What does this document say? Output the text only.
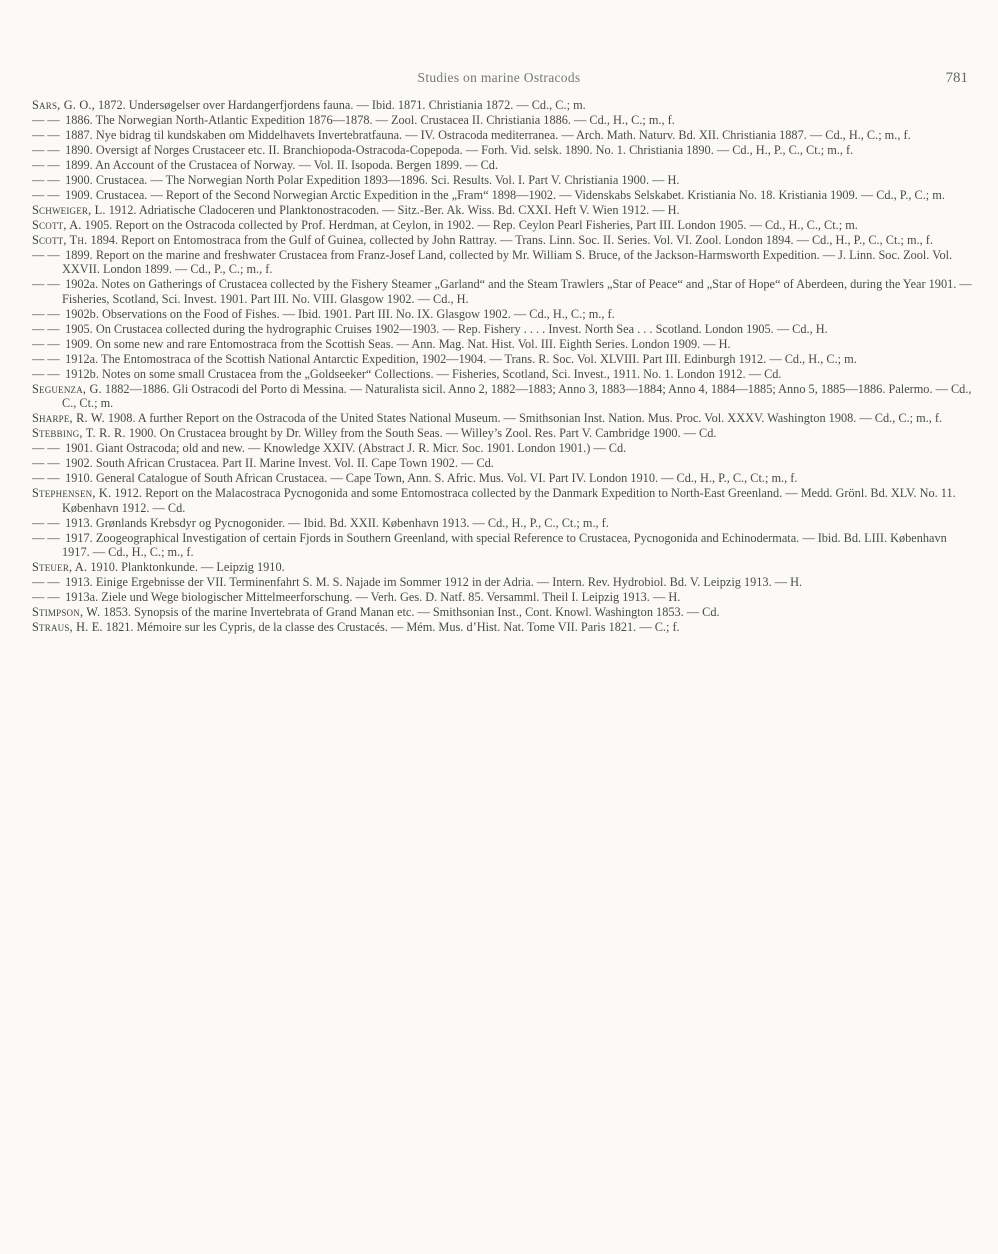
Studies on marine Ostracods	781

Sars, G. O., 1872. Undersøgelser over Hardangerfjordens fauna. — Ibid. 1871. Christiania 1872. — Cd., C.; m.

— — 1886. The Norwegian North-Atlantic Expedition 1876—1878. — Zool. Crustacea II. Christiania 1886. — Cd., H., C.; m., f.

— — 1887. Nye bidrag til kundskaben om Middelhavets Invertebratfauna. — IV. Ostracoda mediterranea. — Arch. Math. Naturv. Bd. XII. Christiania 1887. — Cd., H., C.; m., f.

— — 1890. Oversigt af Norges Crustaceer etc. II. Branchiopoda-Ostracoda-Copepoda. — Forh. Vid. selsk. 1890. No. 1. Christiania 1890. — Cd., H., P., C., Ct.; m., f.

— — 1899. An Account of the Crustacea of Norway. — Vol. II. Isopoda. Bergen 1899. — Cd.

— — 1900. Crustacea. — The Norwegian North Polar Expedition 1893—1896. Sci. Results. Vol. I. Part V. Christiania 1900. — H.

— — 1909. Crustacea. — Report of the Second Norwegian Arctic Expedition in the „Fram“ 1898—1902. — Videnskabs Selskabet. Kristiania No. 18. Kristiania 1909. — Cd., P., C.; m.

Schweiger, L. 1912. Adriatische Cladoceren und Planktonostracoden. — Sitz.-Ber. Ak. Wiss. Bd. CXXI. Heft V. Wien 1912. — H.

Scott, A. 1905. Report on the Ostracoda collected by Prof. Herdman, at Ceylon, in 1902. — Rep. Ceylon Pearl Fisheries, Part III. London 1905. — Cd., H., C., Ct.; m.

Scott, Th. 1894. Report on Entomostraca from the Gulf of Guinea, collected by John Rattray. — Trans. Linn. Soc. II. Series. Vol. VI. Zool. London 1894. — Cd., H., P., C., Ct.; m., f.

— — 1899. Report on the marine and freshwater Crustacea from Franz-Josef Land, collected by Mr. William S. Bruce, of the Jackson-Harmsworth Expedition. — J. Linn. Soc. Zool. Vol. XXVII. London 1899. — Cd., P., C.; m., f.

— — 1902a. Notes on Gatherings of Crustacea collected by the Fishery Steamer „Garland“ and the Steam Trawlers „Star of Peace“ and „Star of Hope“ of Aberdeen, during the Year 1901. — Fisheries, Scotland, Sci. Invest. 1901. Part III. No. VIII. Glasgow 1902. — Cd., H.

— — 1902b. Observations on the Food of Fishes. — Ibid. 1901. Part III. No. IX. Glasgow 1902. — Cd., H., C.; m., f.

— — 1905. On Crustacea collected during the hydrographic Cruises 1902—1903. — Rep. Fishery . . . . Invest. North Sea . . . Scotland. London 1905. — Cd., H.

— — 1909. On some new and rare Entomostraca from the Scottish Seas. — Ann. Mag. Nat. Hist. Vol. III. Eighth Series. London 1909. — H.

— — 1912a. The Entomostraca of the Scottish National Antarctic Expedition, 1902—1904. — Trans. R. Soc. Vol. XLVIII. Part III. Edinburgh 1912. — Cd., H., C.; m.

— — 1912b. Notes on some small Crustacea from the „Goldseeker“ Collections. — Fisheries, Scotland, Sci. Invest., 1911. No. 1. London 1912. — Cd.

Seguenza, G. 1882—1886. Gli Ostracodi del Porto di Messina. — Naturalista sicil. Anno 2, 1882—1883; Anno 3, 1883—1884; Anno 4, 1884—1885; Anno 5, 1885—1886. Palermo. — Cd., C., Ct.; m.

Sharpe, R. W. 1908. A further Report on the Ostracoda of the United States National Museum. — Smithsonian Inst. Nation. Mus. Proc. Vol. XXXV. Washington 1908. — Cd., C.; m., f.

Stebbing, T. R. R. 1900. On Crustacea brought by Dr. Willey from the South Seas. — Willey’s Zool. Res. Part V. Cambridge 1900. — Cd.

— — 1901. Giant Ostracoda; old and new. — Knowledge XXIV. (Abstract J. R. Micr. Soc. 1901. London 1901.) — Cd.

— — 1902. South African Crustacea. Part II. Marine Invest. Vol. II. Cape Town 1902. — Cd.

— — 1910. General Catalogue of South African Crustacea. — Cape Town, Ann. S. Afric. Mus. Vol. VI. Part IV. London 1910. — Cd., H., P., C., Ct.; m., f.

Stephensen, K. 1912. Report on the Malacostraca Pycnogonida and some Entomostraca collected by the Danmark Expedition to North-East Greenland. — Medd. Grönl. Bd. XLV. No. 11. København 1912. — Cd.

— — 1913. Grønlands Krebsdyr og Pycnogonider. — Ibid. Bd. XXII. København 1913. — Cd., H., P., C., Ct.; m., f.

— — 1917. Zoogeographical Investigation of certain Fjords in Southern Greenland, with special Reference to Crustacea, Pycnogonida and Echinodermata. — Ibid. Bd. LIII. København 1917. — Cd., H., C.; m., f.

Steuer, A. 1910. Planktonkunde. — Leipzig 1910.

— — 1913. Einige Ergebnisse der VII. Terminenfahrt S. M. S. Najade im Sommer 1912 in der Adria. — Intern. Rev. Hydrobiol. Bd. V. Leipzig 1913. — H.

— — 1913a. Ziele und Wege biologischer Mittelmeerforschung. — Verh. Ges. D. Natf. 85. Versamml. Theil I. Leipzig 1913. — H.

Stimpson, W. 1853. Synopsis of the marine Invertebrata of Grand Manan etc. — Smithsonian Inst., Cont. Knowl. Washington 1853. — Cd.

Straus, H. E. 1821. Mémoire sur les Cypris, de la classe des Crustacés. — Mém. Mus. d’Hist. Nat. Tome VII. Paris 1821. — C.; f.
